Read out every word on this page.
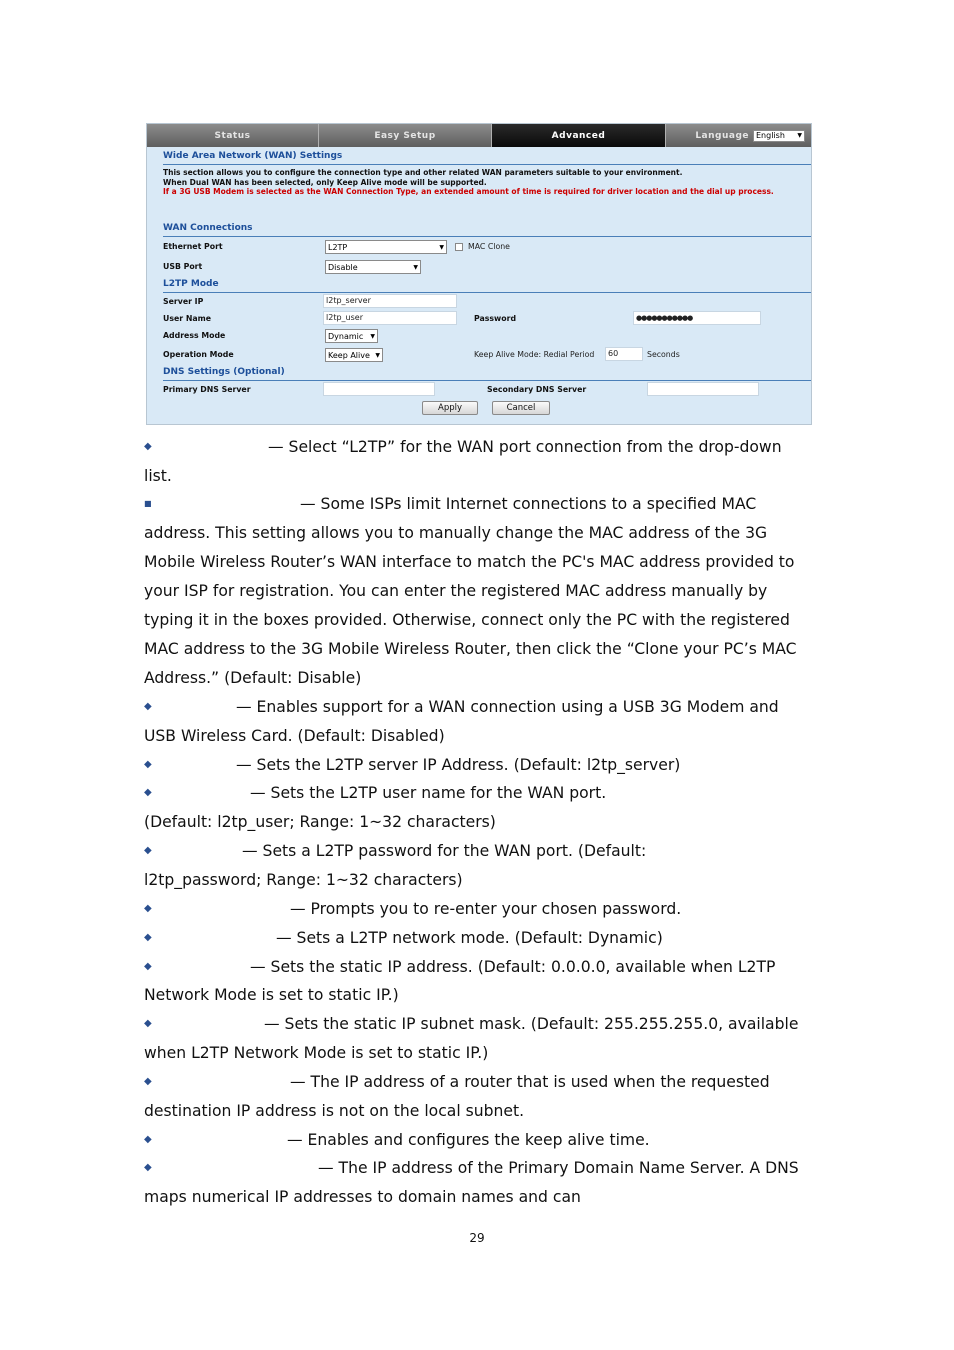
Status	Easy Setup	Advanced	Language English ▼
Wide Area Network (WAN) Settings
This section allows you to configure the connection type and other related WAN parameters suitable to your environment.
When Dual WAN has been selected, only Keep Alive mode will be supported.
If a 3G USB Modem is selected as the WAN Connection Type, an extended amount of time is required for driver location and the dial up process.
WAN Connections
Ethernet Port	L2TP	▼	MAC Clone
USB Port	Disable	▼
L2TP Mode
Server IP	l2tp_server
User Name	l2tp_user	Password	●●●●●●●●●●●
Address Mode	Dynamic ▼
Operation Mode	Keep Alive ▼	Keep Alive Mode: Redial Period	60	Seconds
DNS Settings (Optional)
Primary DNS Server	Secondary DNS Server
Apply	Cancel
◆	— Select “L2TP” for the WAN port connection from the drop-down
list.
■	— Some ISPs limit Internet connections to a specified MAC
address. This setting allows you to manually change the MAC address of the 3G
Mobile Wireless Router’s WAN interface to match the PC's MAC address provided to
your ISP for registration. You can enter the registered MAC address manually by
typing it in the boxes provided. Otherwise, connect only the PC with the registered
MAC address to the 3G Mobile Wireless Router, then click the “Clone your PC’s MAC
Address.” (Default: Disable)
◆	— Enables support for a WAN connection using a USB 3G Modem and
USB Wireless Card. (Default: Disabled)
◆	— Sets the L2TP server IP Address. (Default: l2tp_server)
◆	— Sets the L2TP user name for the WAN port.
(Default: l2tp_user; Range: 1~32 characters)
◆	— Sets a L2TP password for the WAN port. (Default:
l2tp_password; Range: 1~32 characters)
◆	— Prompts you to re-enter your chosen password.
◆	— Sets a L2TP network mode. (Default: Dynamic)
◆	— Sets the static IP address. (Default: 0.0.0.0, available when L2TP
Network Mode is set to static IP.)
◆	— Sets the static IP subnet mask. (Default: 255.255.255.0, available
when L2TP Network Mode is set to static IP.)
◆	— The IP address of a router that is used when the requested
destination IP address is not on the local subnet.
◆	— Enables and configures the keep alive time.
◆	— The IP address of the Primary Domain Name Server. A DNS
maps numerical IP addresses to domain names and can
29
